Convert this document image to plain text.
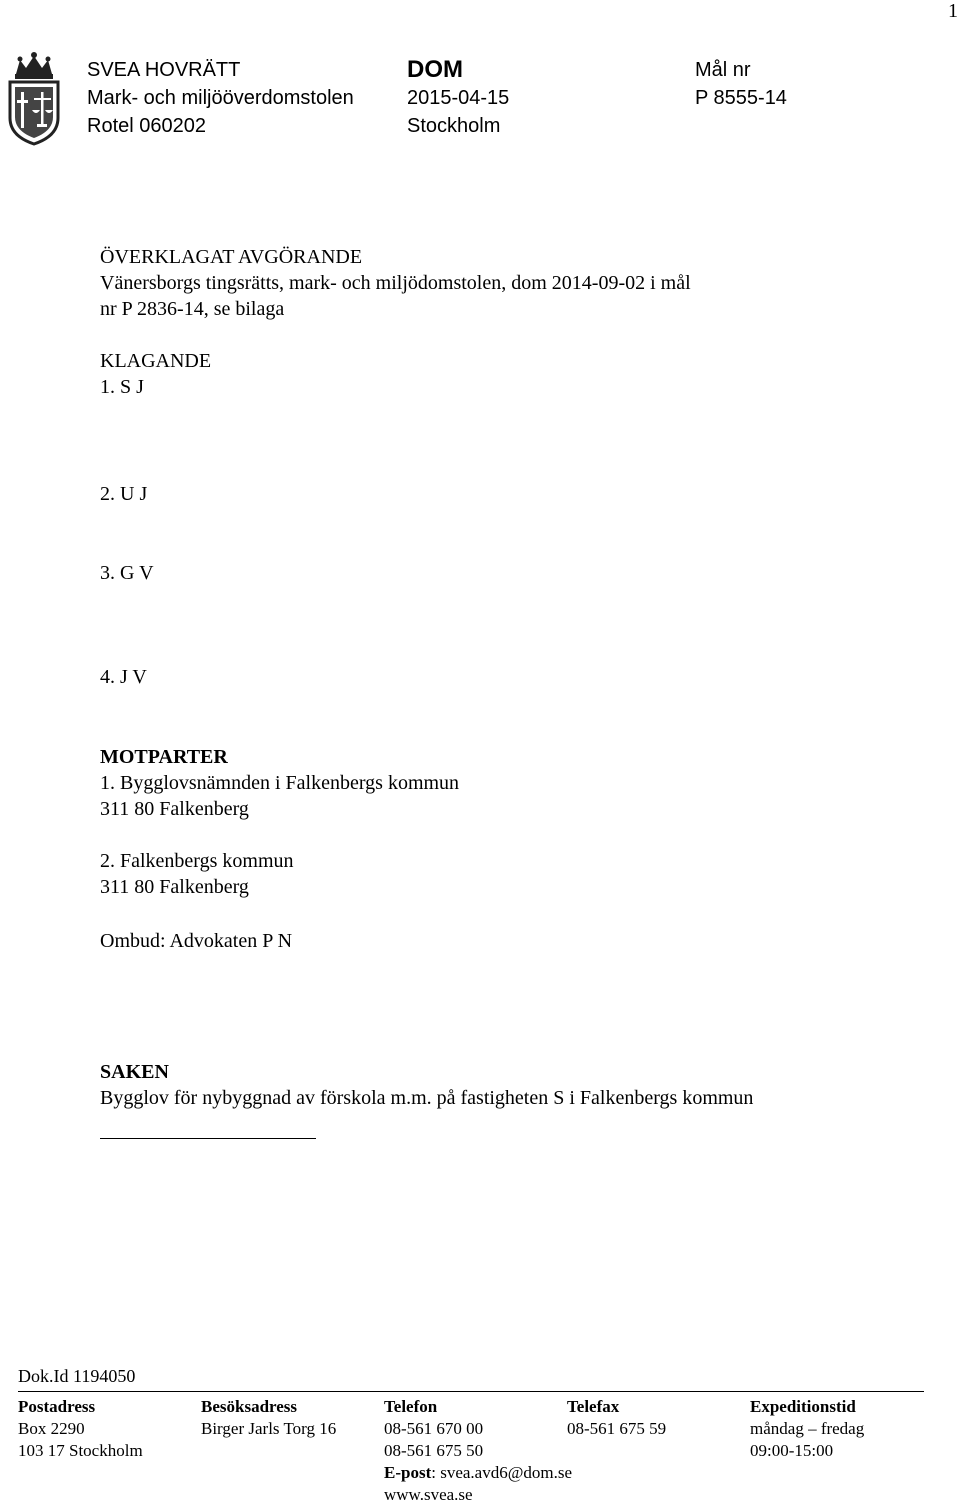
1
SVEA HOVRÄTT
Mark- och miljööverdomstolen
Rotel 060202
DOM
2015-04-15
Stockholm
Mål nr
P 8555-14
ÖVERKLAGAT AVGÖRANDE
Vänersborgs tingsrätts, mark- och miljödomstolen, dom 2014-09-02 i mål
nr P 2836-14, se bilaga
KLAGANDE
1. S J
2. U J
3. G V
4. J V
MOTPARTER
1. Bygglovsnämnden i Falkenbergs kommun
311 80 Falkenberg
2. Falkenbergs kommun
311 80 Falkenberg
Ombud: Advokaten P N
SAKEN
Bygglov för nybyggnad av förskola m.m. på fastigheten S i Falkenbergs kommun
Dok.Id 1194050
Postadress
Box 2290
103 17 Stockholm
Besöksadress
Birger Jarls Torg 16
Telefon
08-561 670 00
08-561 675 50
E-post: svea.avd6@dom.se
www.svea.se
Telefax
08-561 675 59
Expeditionstid
måndag – fredag
09:00-15:00
